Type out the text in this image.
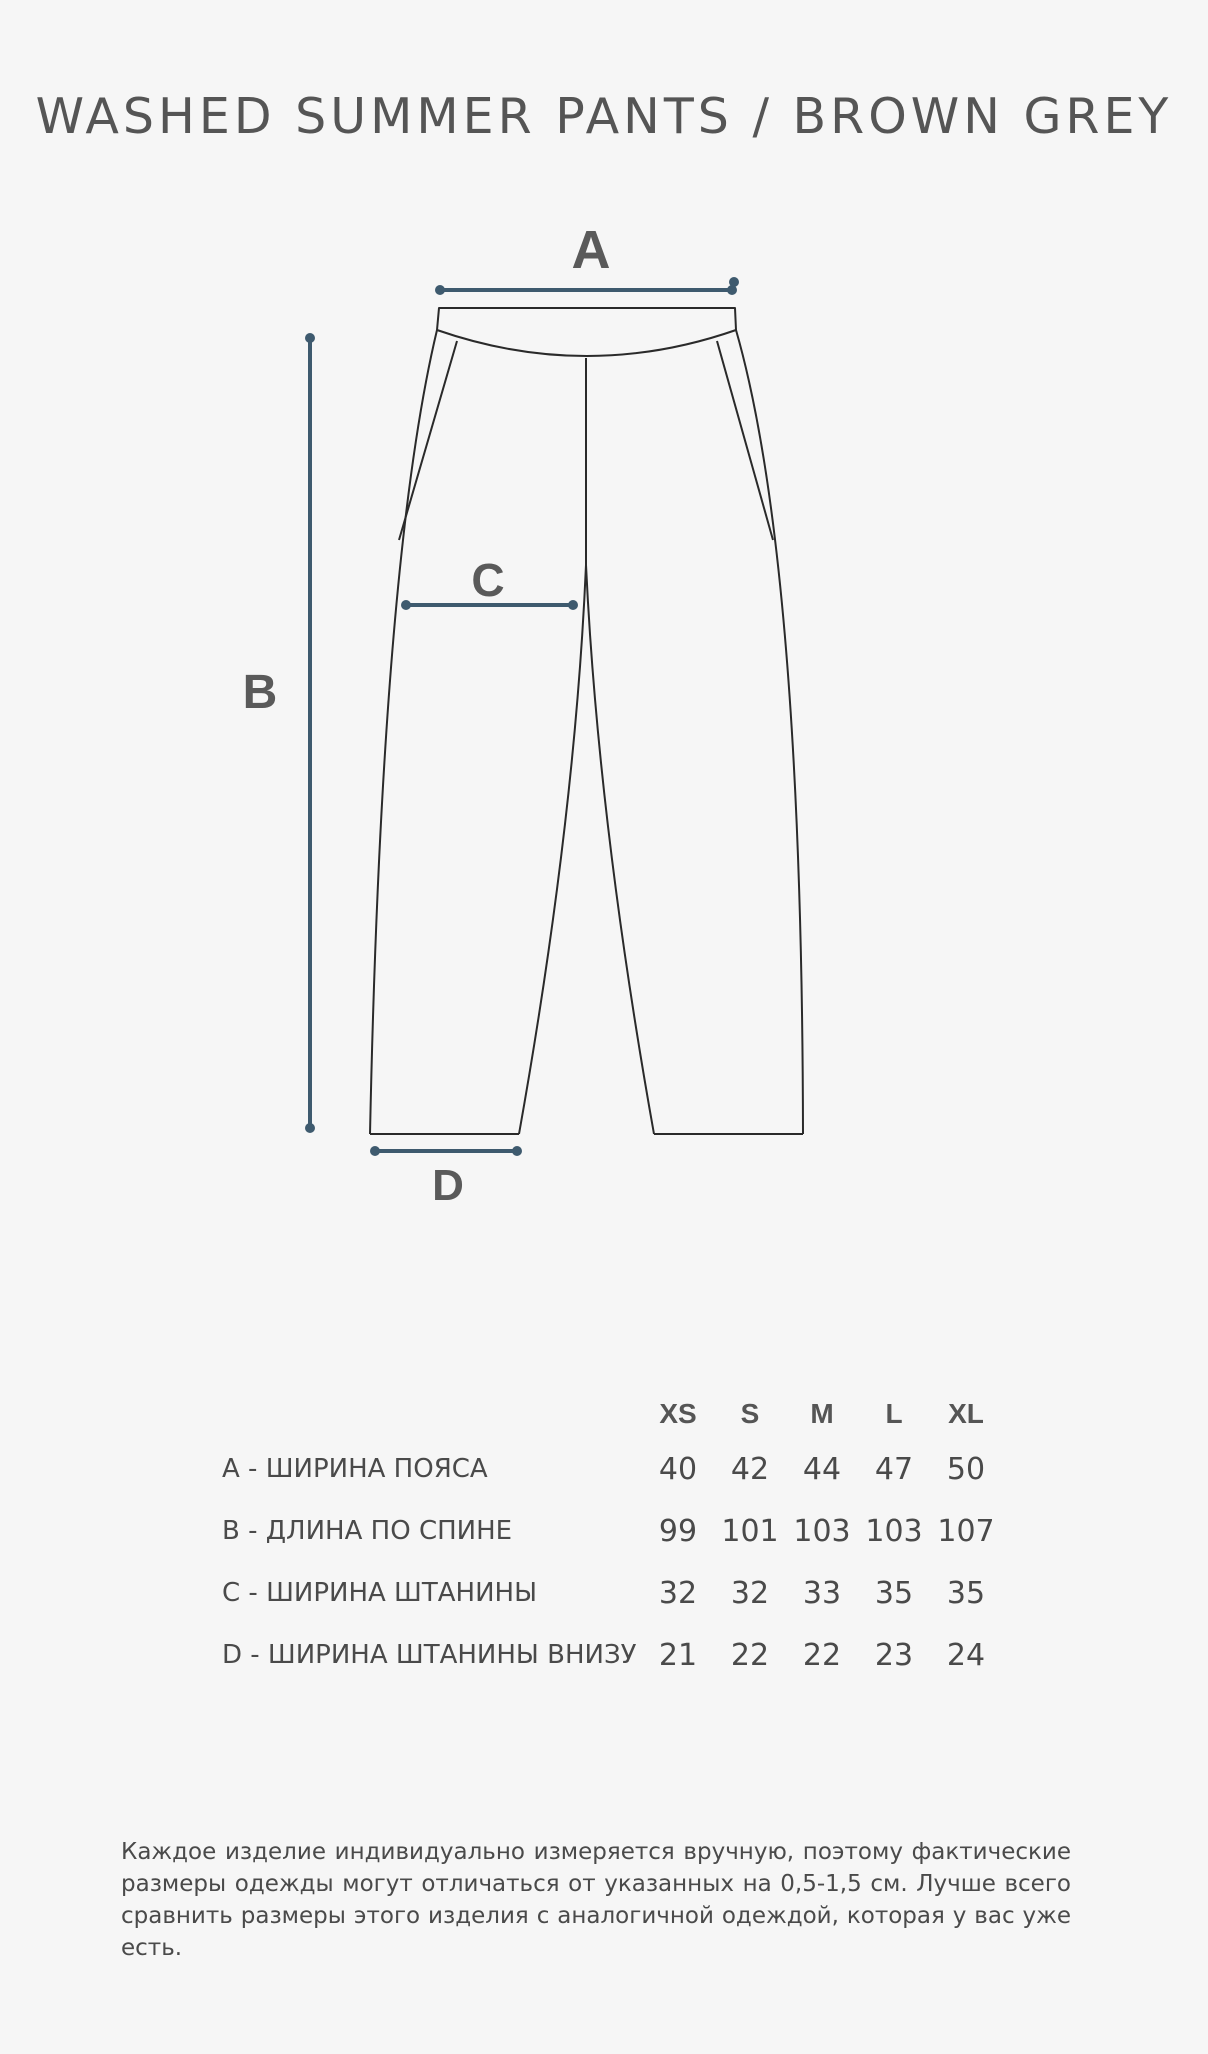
WASHED SUMMER PANTS / BROWN GREY
A
B
C
D
	XS	S	M	L	XL
A - ШИРИНА ПОЯСА	40	42	44	47	50
B - ДЛИНА ПО СПИНЕ	99	101	103	103	107
C - ШИРИНА ШТАНИНЫ	32	32	33	35	35
D - ШИРИНА ШТАНИНЫ ВНИЗУ	21	22	22	23	24

Каждое изделие индивидуально измеряется вручную, поэтому фактические размеры одежды могут отличаться от указанных на 0,5-1,5 см. Лучше всего сравнить размеры этого изделия с аналогичной одеждой, которая у вас уже есть.
